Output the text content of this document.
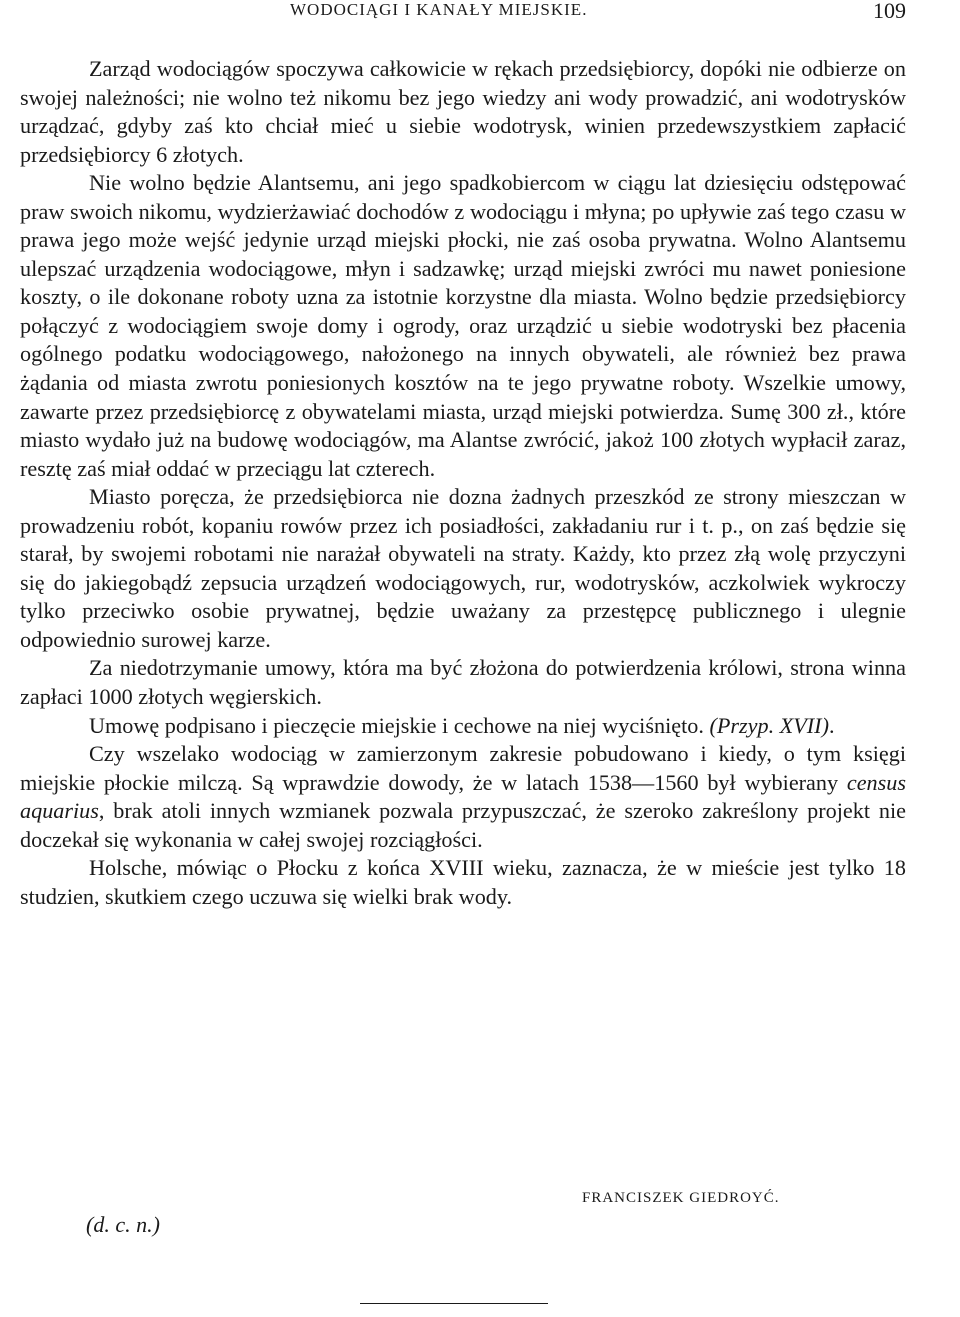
WODOCIĄGI I KANAŁY MIEJSKIE.	109

Zarząd wodociągów spoczywa całkowicie w rękach przedsiębiorcy, dopóki nie odbierze on swojej należności; nie wolno też nikomu bez jego wiedzy ani wody prowadzić, ani wodotrysków urządzać, gdyby zaś kto chciał mieć u siebie wodotrysk, winien przedewszystkiem zapłacić przedsiębiorcy 6 złotych.

Nie wolno będzie Alantsemu, ani jego spadkobiercom w ciągu lat dziesięciu odstępować praw swoich nikomu, wydzierżawiać dochodów z wodociągu i młyna; po upływie zaś tego czasu w prawa jego może wejść jedynie urząd miejski płocki, nie zaś osoba prywatna. Wolno Alantsemu ulepszać urządzenia wodociągowe, młyn i sadzawkę; urząd miejski zwróci mu nawet poniesione koszty, o ile dokonane roboty uzna za istotnie korzystne dla miasta. Wolno będzie przedsiębiorcy połączyć z wodociągiem swoje domy i ogrody, oraz urządzić u siebie wodotryski bez płacenia ogólnego podatku wodociągowego, nałożonego na innych obywateli, ale również bez prawa żądania od miasta zwrotu poniesionych kosztów na te jego prywatne roboty. Wszelkie umowy, zawarte przez przedsiębiorcę z obywatelami miasta, urząd miejski potwierdza. Sumę 300 zł., które miasto wydało już na budowę wodociągów, ma Alantse zwrócić, jakoż 100 złotych wypłacił zaraz, resztę zaś miał oddać w przeciągu lat czterech.

Miasto poręcza, że przedsiębiorca nie dozna żadnych przeszkód ze strony mieszczan w prowadzeniu robót, kopaniu rowów przez ich posiadłości, zakładaniu rur i t. p., on zaś będzie się starał, by swojemi robotami nie narażał obywateli na straty. Każdy, kto przez złą wolę przyczyni się do jakiegobądź zepsucia urządzeń wodociągowych, rur, wodotrysków, aczkolwiek wykroczy tylko przeciwko osobie prywatnej, będzie uważany za przestępcę publicznego i ulegnie odpowiednio surowej karze.

Za niedotrzymanie umowy, która ma być złożona do potwierdzenia królowi, strona winna zapłaci 1000 złotych węgierskich.

Umowę podpisano i pieczęcie miejskie i cechowe na niej wyciśnięto. (Przyp. XVII).

Czy wszelako wodociąg w zamierzonym zakresie pobudowano i kiedy, o tym księgi miejskie płockie milczą. Są wprawdzie dowody, że w latach 1538—1560 był wybierany census aquarius, brak atoli innych wzmianek pozwala przypuszczać, że szeroko zakreślony projekt nie doczekał się wykonania w całej swojej rozciągłości.

Holsche, mówiąc o Płocku z końca XVIII wieku, zaznacza, że w mieście jest tylko 18 studzien, skutkiem czego uczuwa się wielki brak wody.

FRANCISZEK GIEDROYĆ.
(d. c. n.)
